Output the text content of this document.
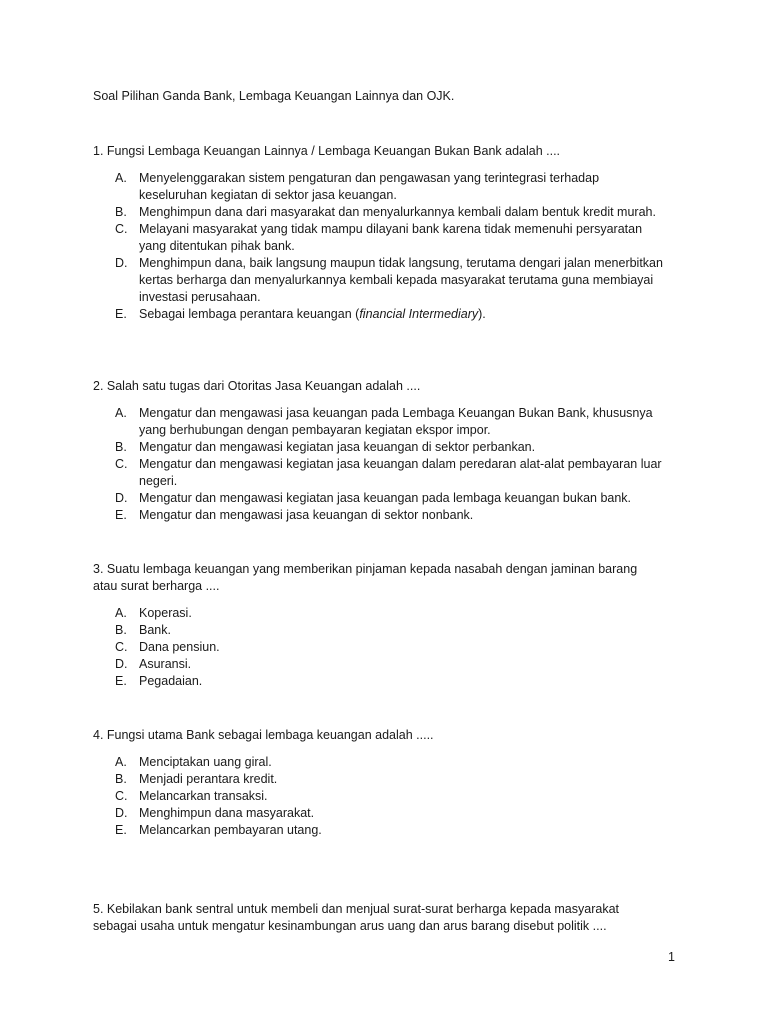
Soal Pilihan Ganda Bank, Lembaga Keuangan Lainnya dan OJK.

1. Fungsi Lembaga Keuangan Lainnya / Lembaga Keuangan Bukan Bank adalah ....

A. Menyelenggarakan sistem pengaturan dan pengawasan yang terintegrasi terhadap keseluruhan kegiatan di sektor jasa keuangan.
B. Menghimpun dana dari masyarakat dan menyalurkannya kembali dalam bentuk kredit murah.
C. Melayani masyarakat yang tidak mampu dilayani bank karena tidak memenuhi persyaratan yang ditentukan pihak bank.
D. Menghimpun dana, baik langsung maupun tidak langsung, terutama dengari jalan menerbitkan kertas berharga dan menyalurkannya kembali kepada masyarakat terutama guna membiayai investasi perusahaan.
E. Sebagai lembaga perantara keuangan (financial Intermediary).

2. Salah satu tugas dari Otoritas Jasa Keuangan adalah ....

A. Mengatur dan mengawasi jasa keuangan pada Lembaga Keuangan Bukan Bank, khususnya yang berhubungan dengan pembayaran kegiatan ekspor impor.
B. Mengatur dan mengawasi kegiatan jasa keuangan di sektor perbankan.
C. Mengatur dan mengawasi kegiatan jasa keuangan dalam peredaran alat-alat pembayaran luar negeri.
D. Mengatur dan mengawasi kegiatan jasa keuangan pada lembaga keuangan bukan bank.
E. Mengatur dan mengawasi jasa keuangan di sektor nonbank.

3. Suatu lembaga keuangan yang memberikan pinjaman kepada nasabah dengan jaminan barang atau surat berharga ....

A. Koperasi.
B. Bank.
C. Dana pensiun.
D. Asuransi.
E. Pegadaian.

4. Fungsi utama Bank sebagai lembaga keuangan adalah .....

A. Menciptakan uang giral.
B. Menjadi perantara kredit.
C. Melancarkan transaksi.
D. Menghimpun dana masyarakat.
E. Melancarkan pembayaran utang.

5. Kebilakan bank sentral untuk membeli dan menjual surat-surat berharga kepada masyarakat sebagai usaha untuk mengatur kesinambungan arus uang dan arus barang disebut politik ....

1
